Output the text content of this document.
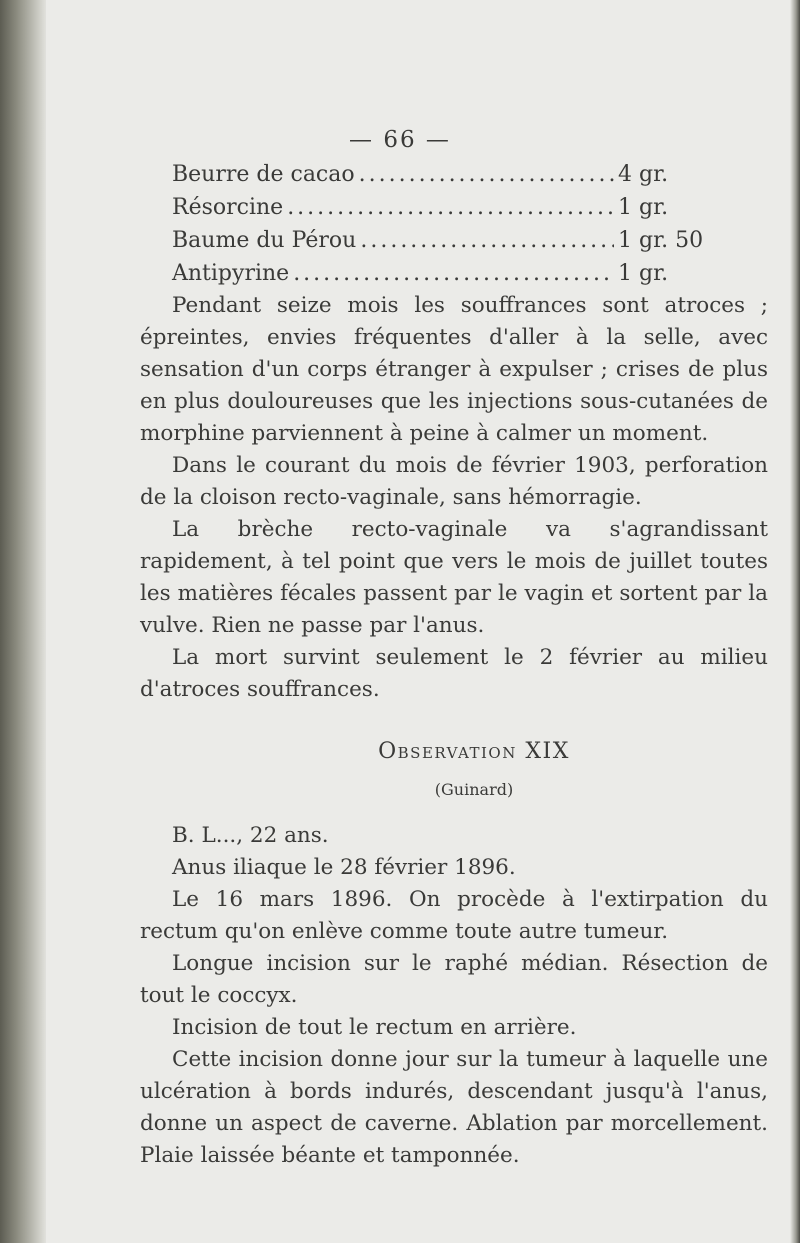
— 66 —
Beurre de cacao .....	4 gr.
Résorcine .....	1 gr.
Baume du Pérou .....	1 gr. 50
Antipyrine .....	1 gr.

Pendant seize mois les souffrances sont atroces ; épreintes, envies fréquentes d'aller à la selle, avec sensation d'un corps étranger à expulser ; crises de plus en plus douloureuses que les injections sous-cutanées de morphine parviennent à peine à calmer un moment.

Dans le courant du mois de février 1903, perforation de la cloison recto-vaginale, sans hémorragie.

La brèche recto-vaginale va s'agrandissant rapidement, à tel point que vers le mois de juillet toutes les matières fécales passent par le vagin et sortent par la vulve. Rien ne passe par l'anus.

La mort survint seulement le 2 février au milieu d'atroces souffrances.

Observation XIX

(Guinard)

B. L..., 22 ans.

Anus iliaque le 28 février 1896.

Le 16 mars 1896. On procède à l'extirpation du rectum qu'on enlève comme toute autre tumeur.

Longue incision sur le raphé médian. Résection de tout le coccyx.

Incision de tout le rectum en arrière.

Cette incision donne jour sur la tumeur à laquelle une ulcération à bords indurés, descendant jusqu'à l'anus, donne un aspect de caverne. Ablation par morcellement. Plaie laissée béante et tamponnée.
